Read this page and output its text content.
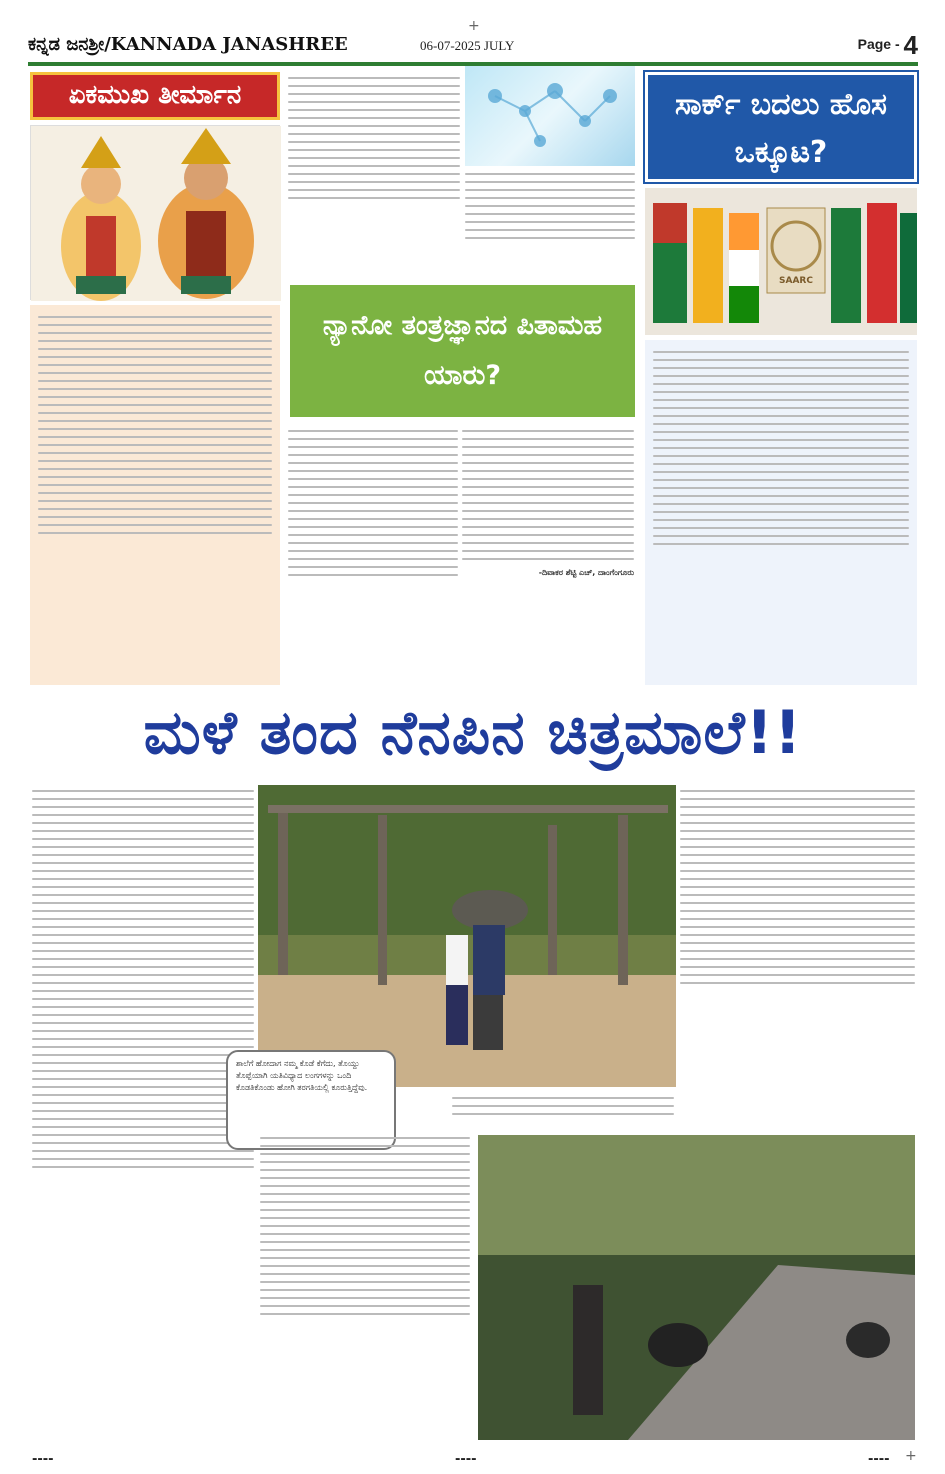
ಕನ್ನಡ ಜನಶ್ರೀ/KANNADA JANASHREE	06-07-2025 JULY	Page - 4
+
ಏಕಮುಖ ತೀರ್ಮಾನ
ನ್ಯಾನೋ ತಂತ್ರಜ್ಞಾನದ ಪಿತಾಮಹ ಯಾರು?
-ದಿವಾಕರ ಶೆಟ್ಟಿ ಎಚ್, ದಾಂಗೆಂಗೂರು
ಸಾರ್ಕ್ ಬದಲು ಹೊಸ ಒಕ್ಕೂಟ?
SAARC
ಮಳೆ ತಂದ ನೆನಪಿನ ಚಿತ್ರಮಾಲೆ!!
ಶಾಲೆಗೆ ಹೋದಾಗ ನಮ್ಮ ಕೊಡೆ ಕೆಗೆದು, ತೊಯ್ದು ತೊಪ್ಪೆಯಾಗಿ ಯತಿವಿಧ್ಯಾದ ಲಂಗಗಳನ್ನು ಒಂದಿ ಕೊಡತಿಕೊಂಡು ಹೋಗಿ ತರಗತಿಯಲ್ಲಿ ಕೂರುತ್ತಿದ್ದೆವು.
----	----	---- +
